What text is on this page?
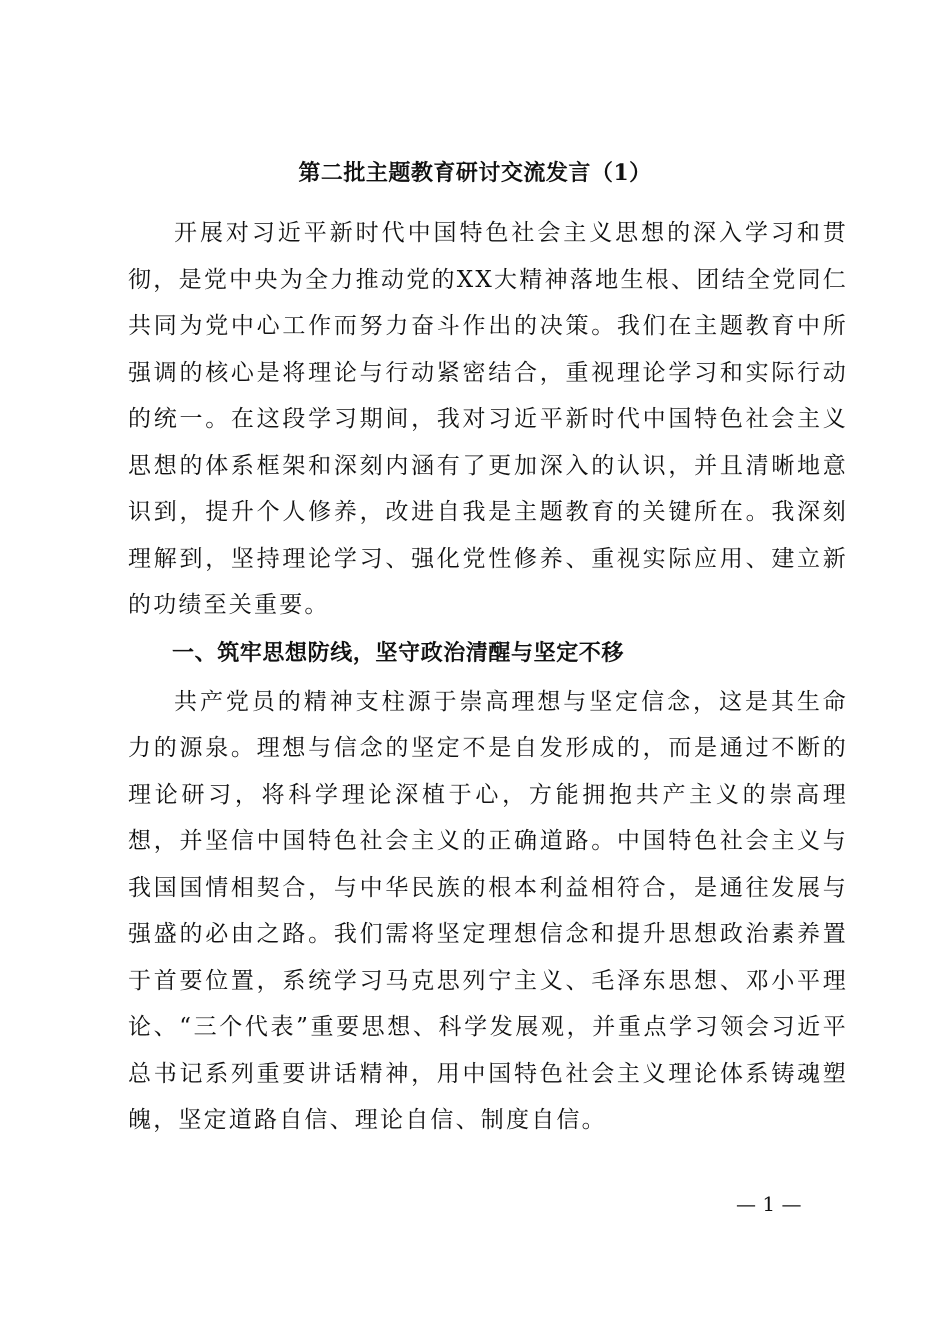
第二批主题教育研讨交流发言（1）

开展对习近平新时代中国特色社会主义思想的深入学习和贯彻，是党中央为全力推动党的XX大精神落地生根、团结全党同仁共同为党中心工作而努力奋斗作出的决策。我们在主题教育中所强调的核心是将理论与行动紧密结合，重视理论学习和实际行动的统一。在这段学习期间，我对习近平新时代中国特色社会主义思想的体系框架和深刻内涵有了更加深入的认识，并且清晰地意识到，提升个人修养，改进自我是主题教育的关键所在。我深刻理解到，坚持理论学习、强化党性修养、重视实际应用、建立新的功绩至关重要。

一、筑牢思想防线，坚守政治清醒与坚定不移

共产党员的精神支柱源于崇高理想与坚定信念，这是其生命力的源泉。理想与信念的坚定不是自发形成的，而是通过不断的理论研习，将科学理论深植于心，方能拥抱共产主义的崇高理想，并坚信中国特色社会主义的正确道路。中国特色社会主义与我国国情相契合，与中华民族的根本利益相符合，是通往发展与强盛的必由之路。我们需将坚定理想信念和提升思想政治素养置于首要位置，系统学习马克思列宁主义、毛泽东思想、邓小平理论、“三个代表”重要思想、科学发展观，并重点学习领会习近平总书记系列重要讲话精神，用中国特色社会主义理论体系铸魂塑魄，坚定道路自信、理论自信、制度自信。

— 1 —
